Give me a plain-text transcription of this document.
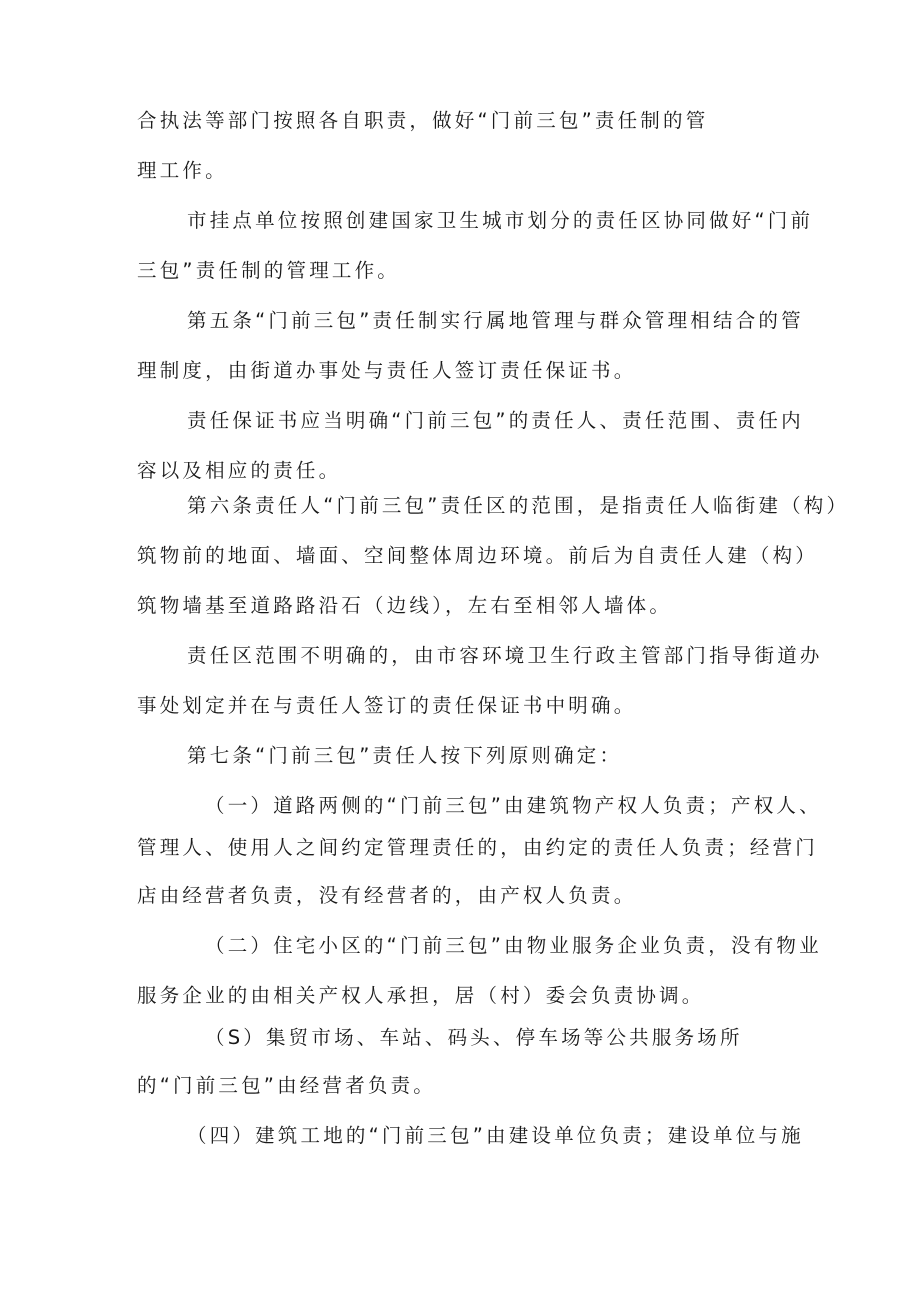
合执法等部门按照各自职责，做好“门前三包”责任制的管
理工作。
市挂点单位按照创建国家卫生城市划分的责任区协同做好“门前
三包”责任制的管理工作。
第五条“门前三包”责任制实行属地管理与群众管理相结合的管
理制度，由街道办事处与责任人签订责任保证书。
责任保证书应当明确“门前三包”的责任人、责任范围、责任内
容以及相应的责任。
第六条责任人“门前三包”责任区的范围，是指责任人临街建（构）
筑物前的地面、墙面、空间整体周边环境。前后为自责任人建（构）
筑物墙基至道路路沿石（边线），左右至相邻人墙体。
责任区范围不明确的，由市容环境卫生行政主管部门指导街道办
事处划定并在与责任人签订的责任保证书中明确。
第七条“门前三包”责任人按下列原则确定：
（一）道路两侧的“门前三包”由建筑物产权人负责；产权人、
管理人、使用人之间约定管理责任的，由约定的责任人负责；经营门
店由经营者负责，没有经营者的，由产权人负责。
（二）住宅小区的“门前三包”由物业服务企业负责，没有物业
服务企业的由相关产权人承担，居（村）委会负责协调。
（S）集贸市场、车站、码头、停车场等公共服务场所
的“门前三包”由经营者负责。
（四）建筑工地的“门前三包”由建设单位负责；建设单位与施
